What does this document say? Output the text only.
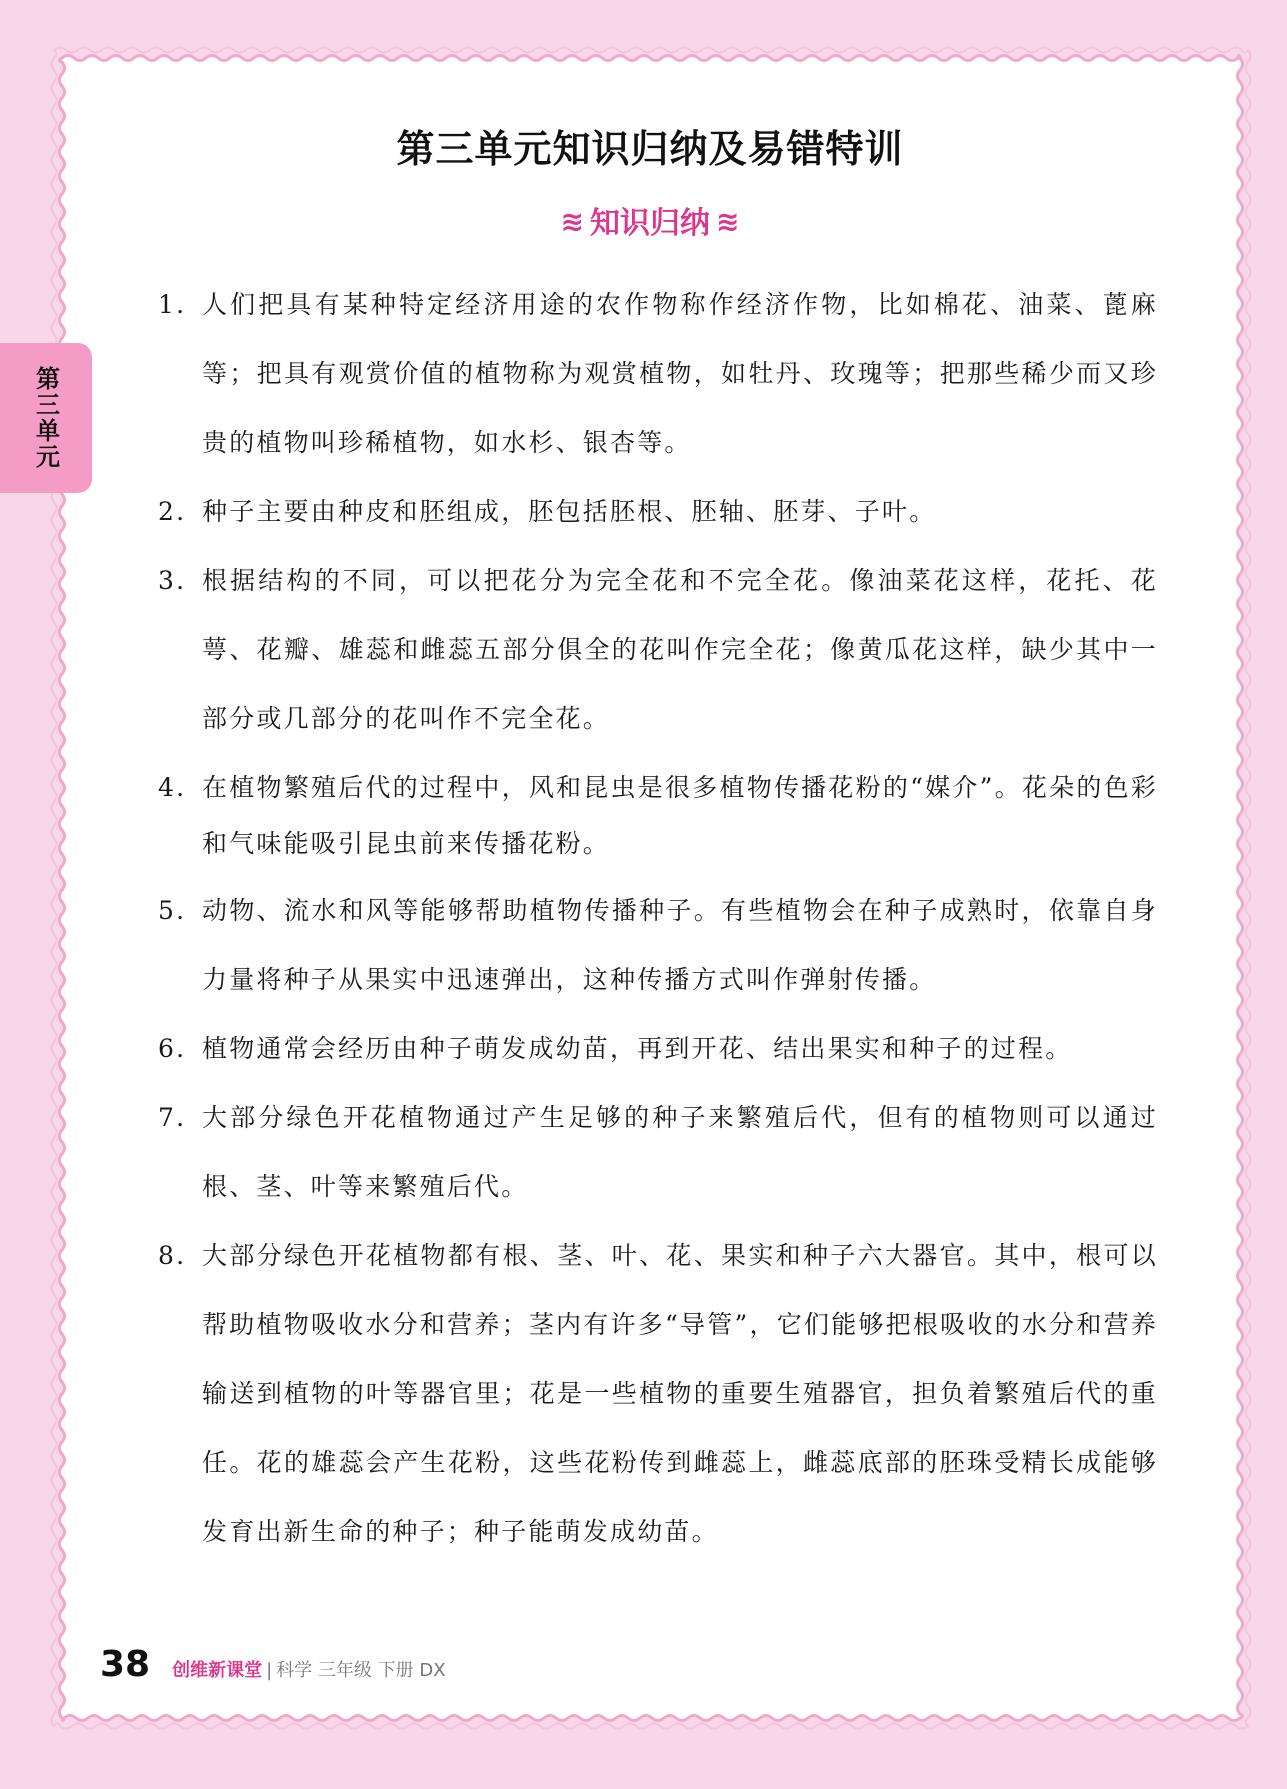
第三单元
第三单元知识归纳及易错特训
≋ 知识归纳 ≋
1. 人们把具有某种特定经济用途的农作物称作经济作物，比如棉花、油菜、蓖麻等；把具有观赏价值的植物称为观赏植物，如牡丹、玫瑰等；把那些稀少而又珍贵的植物叫珍稀植物，如水杉、银杏等。
2. 种子主要由种皮和胚组成，胚包括胚根、胚轴、胚芽、子叶。
3. 根据结构的不同，可以把花分为完全花和不完全花。像油菜花这样，花托、花萼、花瓣、雄蕊和雌蕊五部分俱全的花叫作完全花；像黄瓜花这样，缺少其中一部分或几部分的花叫作不完全花。
4. 在植物繁殖后代的过程中，风和昆虫是很多植物传播花粉的“媒介”。花朵的色彩和气味能吸引昆虫前来传播花粉。
5. 动物、流水和风等能够帮助植物传播种子。有些植物会在种子成熟时，依靠自身力量将种子从果实中迅速弹出，这种传播方式叫作弹射传播。
6. 植物通常会经历由种子萌发成幼苗，再到开花、结出果实和种子的过程。
7. 大部分绿色开花植物通过产生足够的种子来繁殖后代，但有的植物则可以通过根、茎、叶等来繁殖后代。
8. 大部分绿色开花植物都有根、茎、叶、花、果实和种子六大器官。其中，根可以帮助植物吸收水分和营养；茎内有许多“导管”，它们能够把根吸收的水分和营养输送到植物的叶等器官里；花是一些植物的重要生殖器官，担负着繁殖后代的重任。花的雄蕊会产生花粉，这些花粉传到雌蕊上，雌蕊底部的胚珠受精长成能够发育出新生命的种子；种子能萌发成幼苗。
38 创维新课堂 | 科学 三年级 下册 DX
